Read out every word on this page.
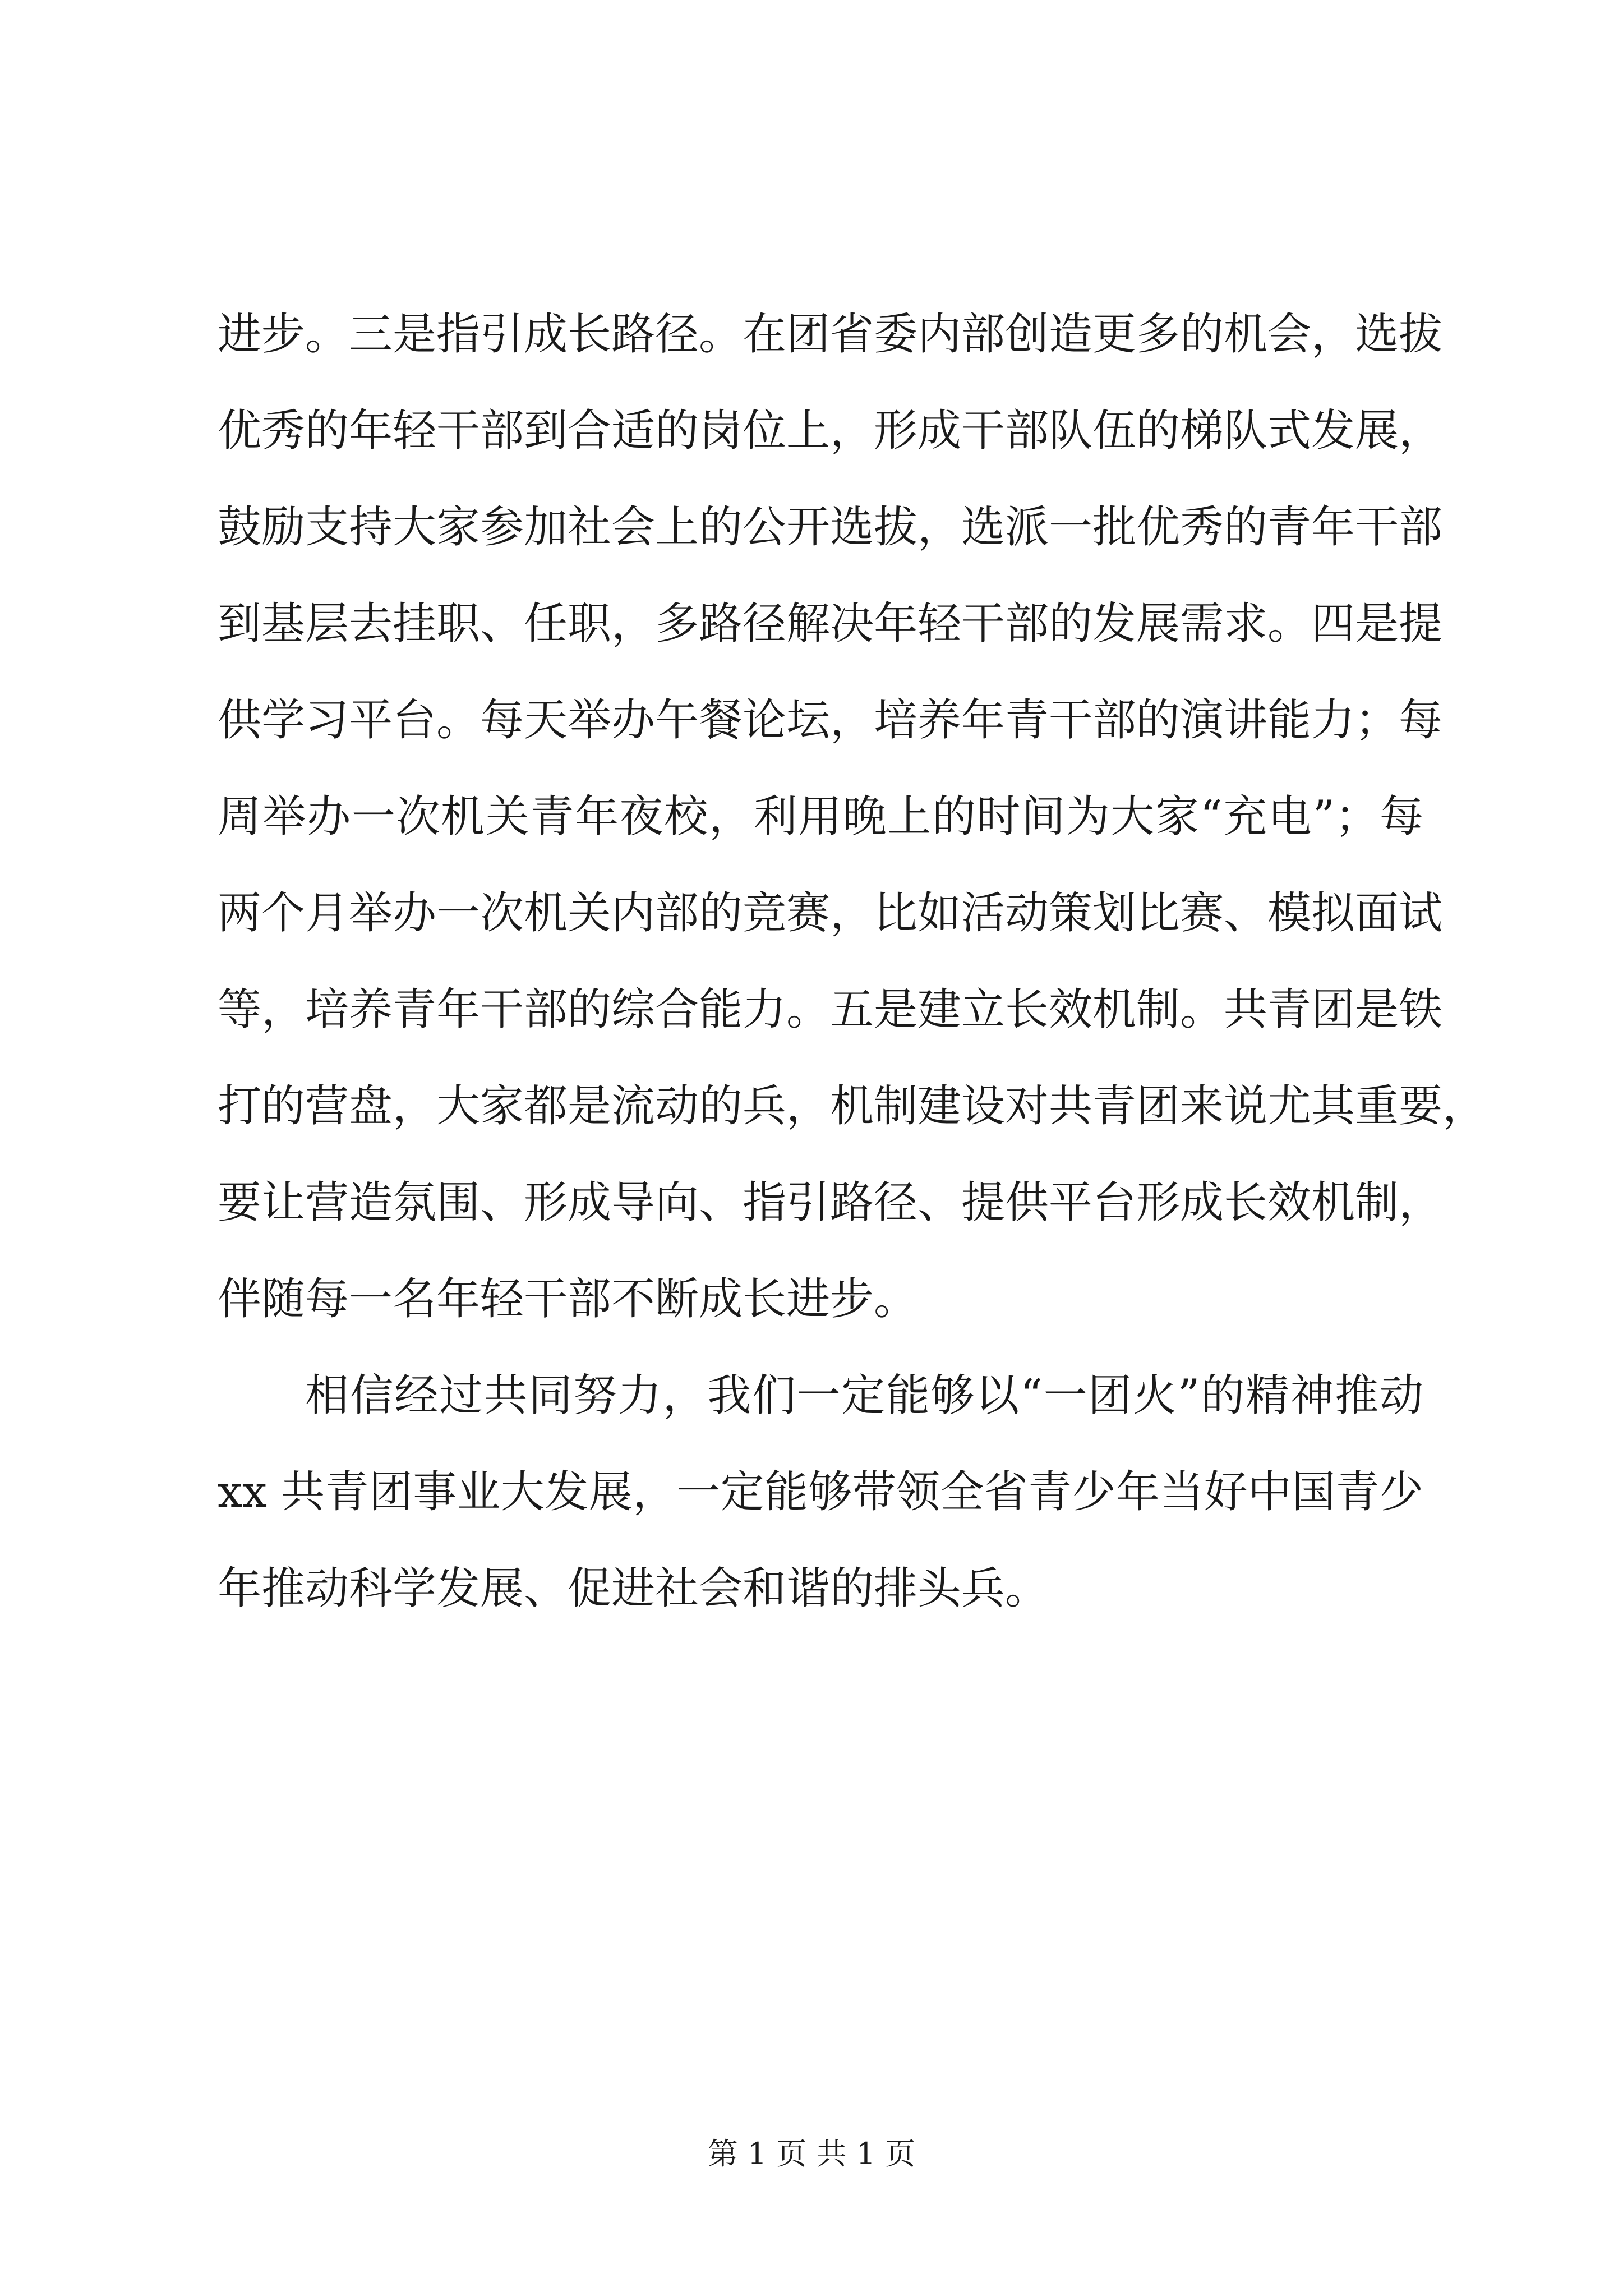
进步。三是指引成长路径。在团省委内部创造更多的机会，选拔
优秀的年轻干部到合适的岗位上，形成干部队伍的梯队式发展，
鼓励支持大家参加社会上的公开选拔，选派一批优秀的青年干部
到基层去挂职、任职，多路径解决年轻干部的发展需求。四是提
供学习平台。每天举办午餐论坛，培养年青干部的演讲能力；每
周举办一次机关青年夜校，利用晚上的时间为大家“充电”；每
两个月举办一次机关内部的竞赛，比如活动策划比赛、模拟面试
等，培养青年干部的综合能力。五是建立长效机制。共青团是铁
打的营盘，大家都是流动的兵，机制建设对共青团来说尤其重要，
要让营造氛围、形成导向、指引路径、提供平台形成长效机制，
伴随每一名年轻干部不断成长进步。
相信经过共同努力，我们一定能够以“一团火”的精神推动
xx 共青团事业大发展，一定能够带领全省青少年当好中国青少
年推动科学发展、促进社会和谐的排头兵。
第 1 页 共 1 页
